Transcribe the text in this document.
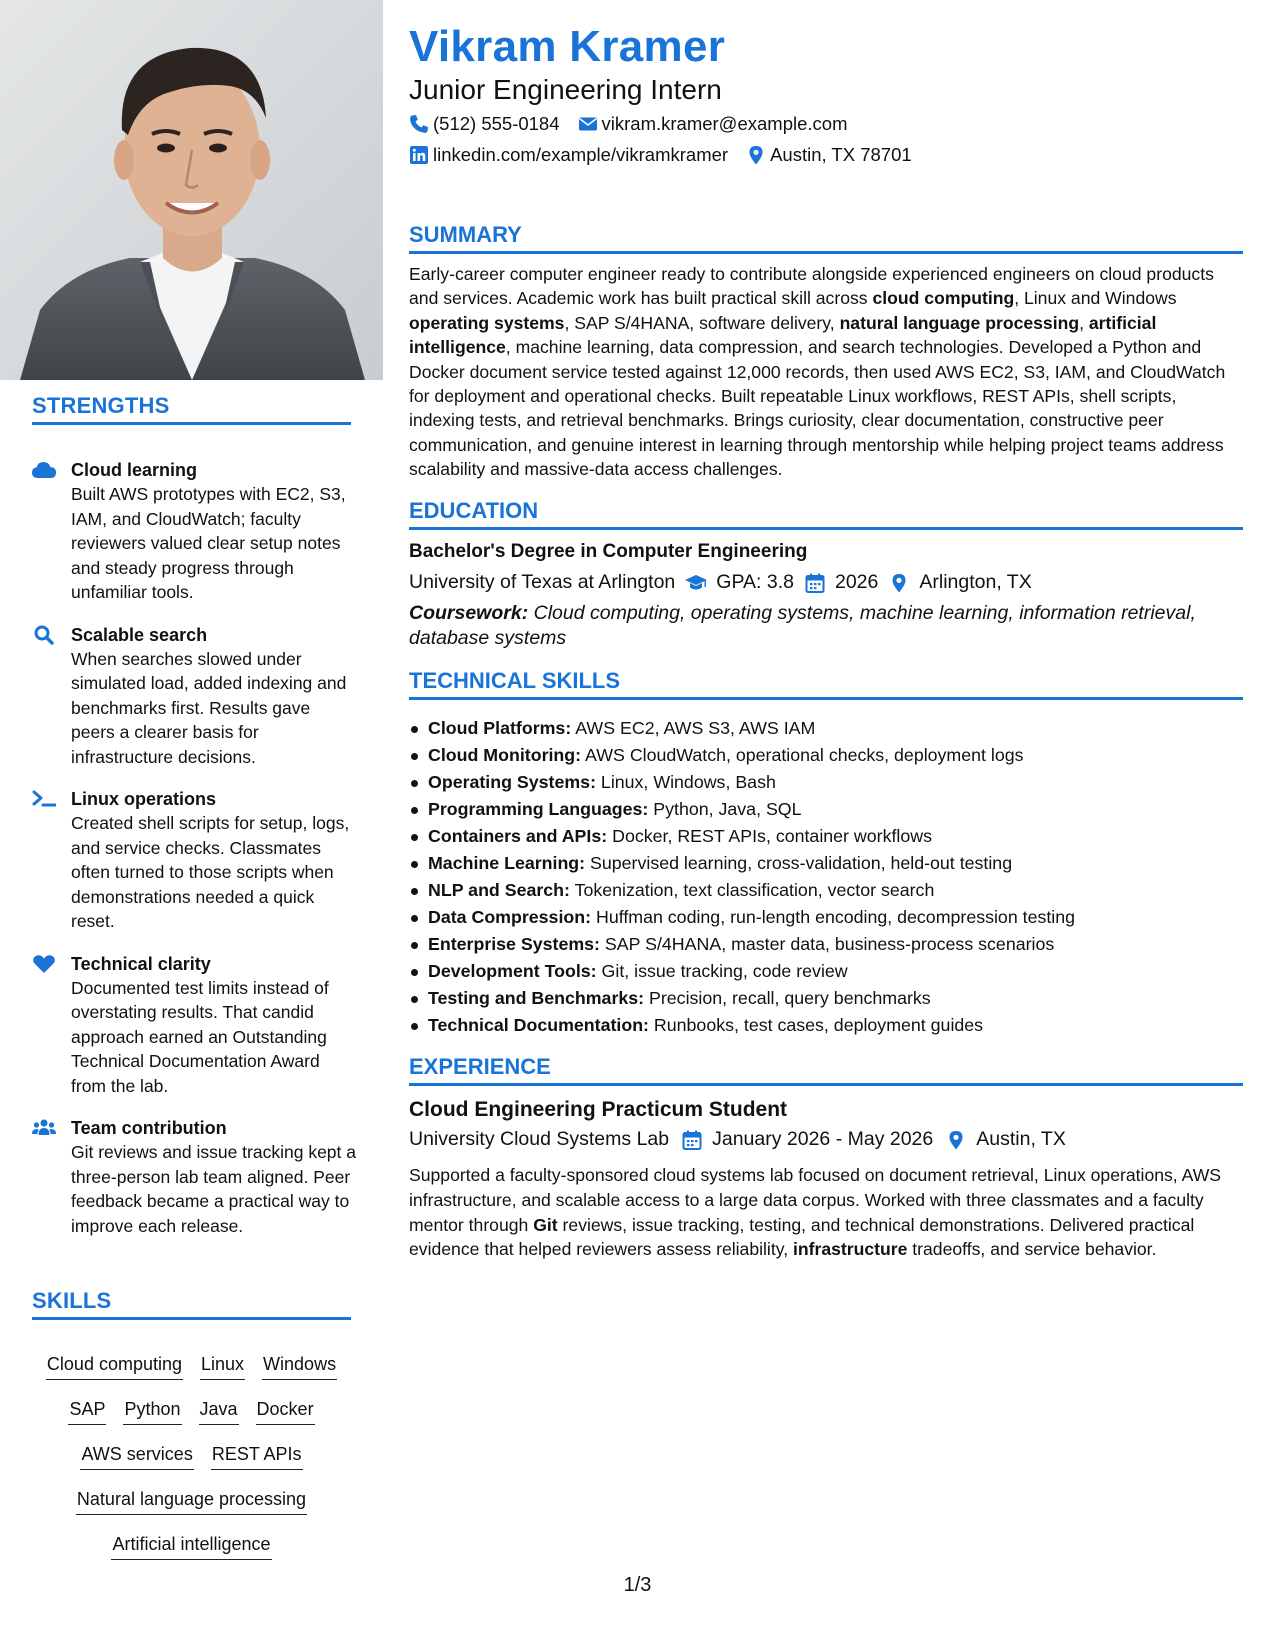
STRENGTHS
Cloud learning
Built AWS prototypes with EC2, S3, IAM, and CloudWatch; faculty reviewers valued clear setup notes and steady progress through unfamiliar tools.
Scalable search
When searches slowed under simulated load, added indexing and benchmarks first. Results gave peers a clearer basis for infrastructure decisions.
Linux operations
Created shell scripts for setup, logs, and service checks. Classmates often turned to those scripts when demonstrations needed a quick reset.
Technical clarity
Documented test limits instead of overstating results. That candid approach earned an Outstanding Technical Documentation Award from the lab.
Team contribution
Git reviews and issue tracking kept a three-person lab team aligned. Peer feedback became a practical way to improve each release.
SKILLS
Cloud computing Linux Windows
SAP Python Java Docker
AWS services REST APIs
Natural language processing
Artificial intelligence
Vikram Kramer
Junior Engineering Intern
(512) 555-0184 vikram.kramer@example.com
linkedin.com/example/vikramkramer Austin, TX 78701
SUMMARY
Early-career computer engineer ready to contribute alongside experienced engineers on cloud products and services. Academic work has built practical skill across cloud computing, Linux and Windows operating systems, SAP S/4HANA, software delivery, natural language processing, artificial intelligence, machine learning, data compression, and search technologies. Developed a Python and Docker document service tested against 12,000 records, then used AWS EC2, S3, IAM, and CloudWatch for deployment and operational checks. Built repeatable Linux workflows, REST APIs, shell scripts, indexing tests, and retrieval benchmarks. Brings curiosity, clear documentation, constructive peer communication, and genuine interest in learning through mentorship while helping project teams address scalability and massive-data access challenges.
EDUCATION
Bachelor's Degree in Computer Engineering
University of Texas at Arlington GPA: 3.8 2026 Arlington, TX
Coursework: Cloud computing, operating systems, machine learning, information retrieval, database systems
TECHNICAL SKILLS
Cloud Platforms: AWS EC2, AWS S3, AWS IAM
Cloud Monitoring: AWS CloudWatch, operational checks, deployment logs
Operating Systems: Linux, Windows, Bash
Programming Languages: Python, Java, SQL
Containers and APIs: Docker, REST APIs, container workflows
Machine Learning: Supervised learning, cross-validation, held-out testing
NLP and Search: Tokenization, text classification, vector search
Data Compression: Huffman coding, run-length encoding, decompression testing
Enterprise Systems: SAP S/4HANA, master data, business-process scenarios
Development Tools: Git, issue tracking, code review
Testing and Benchmarks: Precision, recall, query benchmarks
Technical Documentation: Runbooks, test cases, deployment guides
EXPERIENCE
Cloud Engineering Practicum Student
University Cloud Systems Lab January 2026 - May 2026 Austin, TX
Supported a faculty-sponsored cloud systems lab focused on document retrieval, Linux operations, AWS infrastructure, and scalable access to a large data corpus. Worked with three classmates and a faculty mentor through Git reviews, issue tracking, testing, and technical demonstrations. Delivered practical evidence that helped reviewers assess reliability, infrastructure tradeoffs, and service behavior.
1/3
